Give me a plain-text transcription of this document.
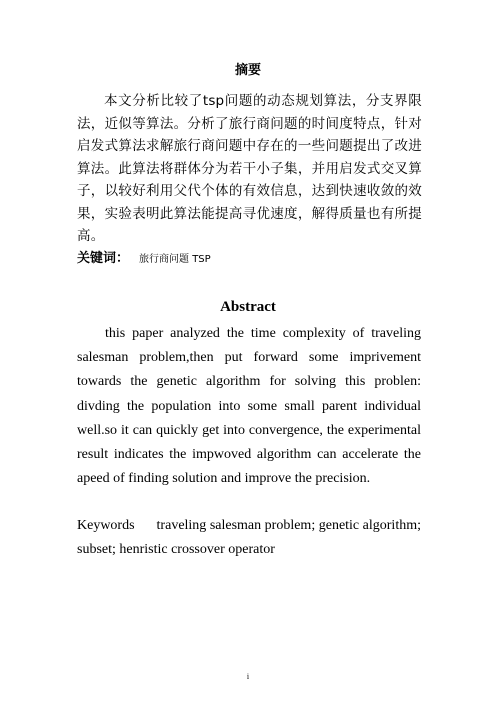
摘要

本文分析比较了tsp问题的动态规划算法，分支界限法，近似等算法。分析了旅行商问题的时间度特点，针对启发式算法求解旅行商问题中存在的一些问题提出了改进算法。此算法将群体分为若干小子集，并用启发式交叉算子，以较好利用父代个体的有效信息，达到快速收敛的效果，实验表明此算法能提高寻优速度，解得质量也有所提高。

关键词： 旅行商问题 TSP
Abstract

this paper analyzed the time complexity of traveling salesman problem,then put forward some imprivement towards the genetic algorithm for solving this problen: divding the population into some small parent individual well.so it can quickly get into convergence, the experimental result indicates the impwoved algorithm can accelerate the apeed of finding solution and improve the precision.

Keywords traveling salesman problem; genetic algorithm; subset; henristic crossover operator

i
